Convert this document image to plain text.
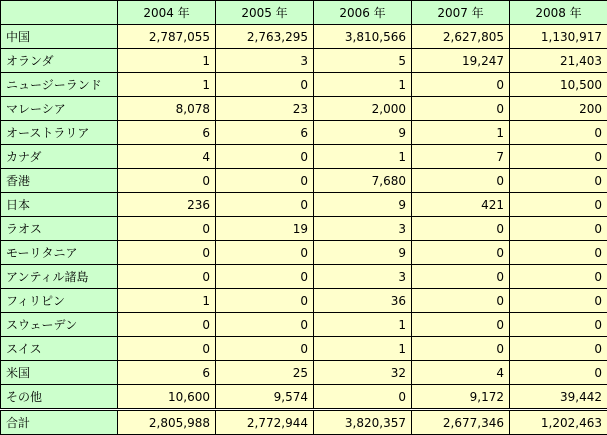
	2004 年	2005 年	2006 年	2007 年	2008 年
中国	2,787,055	2,763,295	3,810,566	2,627,805	1,130,917
オランダ	1	3	5	19,247	21,403
ニュージーランド	1	0	1	0	10,500
マレーシア	8,078	23	2,000	0	200
オーストラリア	6	6	9	1	0
カナダ	4	0	1	7	0
香港	0	0	7,680	0	0
日本	236	0	9	421	0
ラオス	0	19	3	0	0
モーリタニア	0	0	9	0	0
アンティル諸島	0	0	3	0	0
フィリピン	1	0	36	0	0
スウェーデン	0	0	1	0	0
スイス	0	0	1	0	0
米国	6	25	32	4	0
その他	10,600	9,574	0	9,172	39,442
合計	2,805,988	2,772,944	3,820,357	2,677,346	1,202,463
